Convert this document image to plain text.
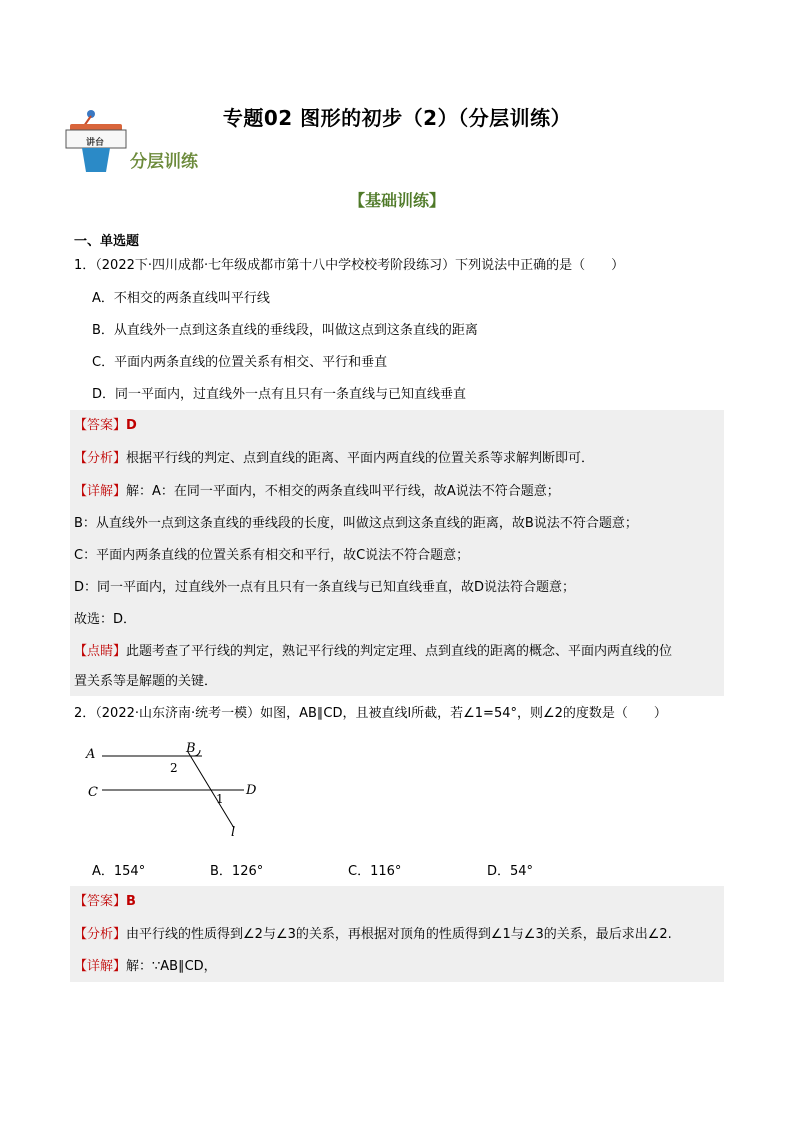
专题02 图形的初步（2）（分层训练）
讲台
分层训练
【基础训练】
一、单选题
1．（2022下·四川成都·七年级成都市第十八中学校校考阶段练习）下列说法中正确的是（　　）
A．不相交的两条直线叫平行线
B．从直线外一点到这条直线的垂线段，叫做这点到这条直线的距离
C．平面内两条直线的位置关系有相交、平行和垂直
D．同一平面内，过直线外一点有且只有一条直线与已知直线垂直
【答案】D
【分析】根据平行线的判定、点到直线的距离、平面内两直线的位置关系等求解判断即可．
【详解】解：A：在同一平面内，不相交的两条直线叫平行线，故A说法不符合题意；
B：从直线外一点到这条直线的垂线段的长度，叫做这点到这条直线的距离，故B说法不符合题意；
C：平面内两条直线的位置关系有相交和平行，故C说法不符合题意；
D：同一平面内，过直线外一点有且只有一条直线与已知直线垂直，故D说法符合题意；
故选：D．
【点睛】此题考查了平行线的判定，熟记平行线的判定定理、点到直线的距离的概念、平面内两直线的位
置关系等是解题的关键．
2．（2022·山东济南·统考一模）如图，AB∥CD，且被直线l所截，若∠1=54°，则∠2的度数是（　　）
A	B
C	D
l
1
2
A．154°	B．126°	C．116°	D．54°
【答案】B
【分析】由平行线的性质得到∠2与∠3的关系，再根据对顶角的性质得到∠1与∠3的关系，最后求出∠2.
【详解】解：∵AB∥CD，
